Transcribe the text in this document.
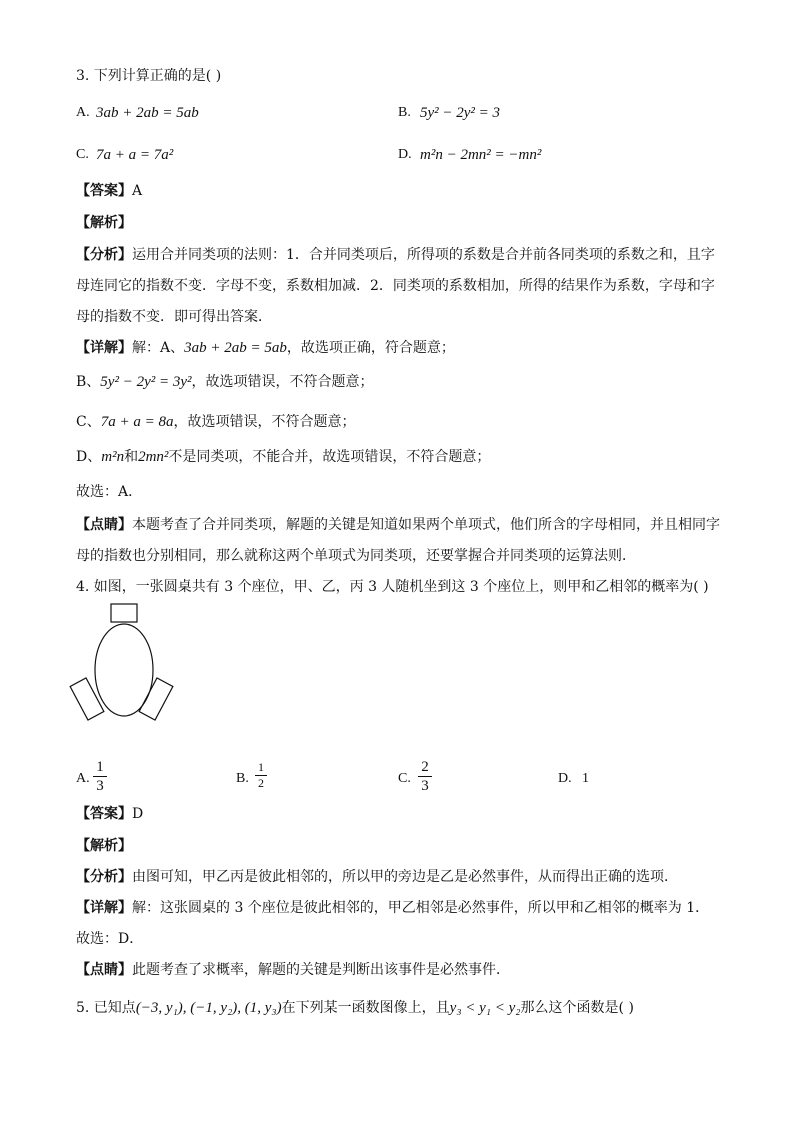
3. 下列计算正确的是( )
A. 3ab + 2ab = 5ab	B. 5y² − 2y² = 3
C. 7a + a = 7a²	D. m²n − 2mn² = −mn²
【答案】A
【解析】
【分析】运用合并同类项的法则：1．合并同类项后，所得项的系数是合并前各同类项的系数之和，且字
母连同它的指数不变．字母不变，系数相加减．2．同类项的系数相加，所得的结果作为系数，字母和字
母的指数不变．即可得出答案．
【详解】解：A、3ab + 2ab = 5ab，故选项正确，符合题意；
B、5y² − 2y² = 3y²，故选项错误，不符合题意；
C、7a + a = 8a，故选项错误，不符合题意；
D、m²n和2mn²不是同类项，不能合并，故选项错误，不符合题意；
故选：A．
【点睛】本题考查了合并同类项，解题的关键是知道如果两个单项式，他们所含的字母相同，并且相同字
母的指数也分别相同，那么就称这两个单项式为同类项，还要掌握合并同类项的运算法则．
4. 如图，一张圆桌共有 3 个座位，甲、乙，丙 3 人随机坐到这 3 个座位上，则甲和乙相邻的概率为( )
A.
1
3	B.
1
2	C.
2
3	D. 1
【答案】D
【解析】
【分析】由图可知，甲乙丙是彼此相邻的，所以甲的旁边是乙是必然事件，从而得出正确的选项．
【详解】解：这张圆桌的 3 个座位是彼此相邻的，甲乙相邻是必然事件，所以甲和乙相邻的概率为 1．
故选：D．
【点睛】此题考查了求概率，解题的关键是判断出该事件是必然事件．
5. 已知点(−3, y₁), (−1, y₂), (1, y₃)在下列某一函数图像上，且y₃ < y₁ < y₂那么这个函数是( )
